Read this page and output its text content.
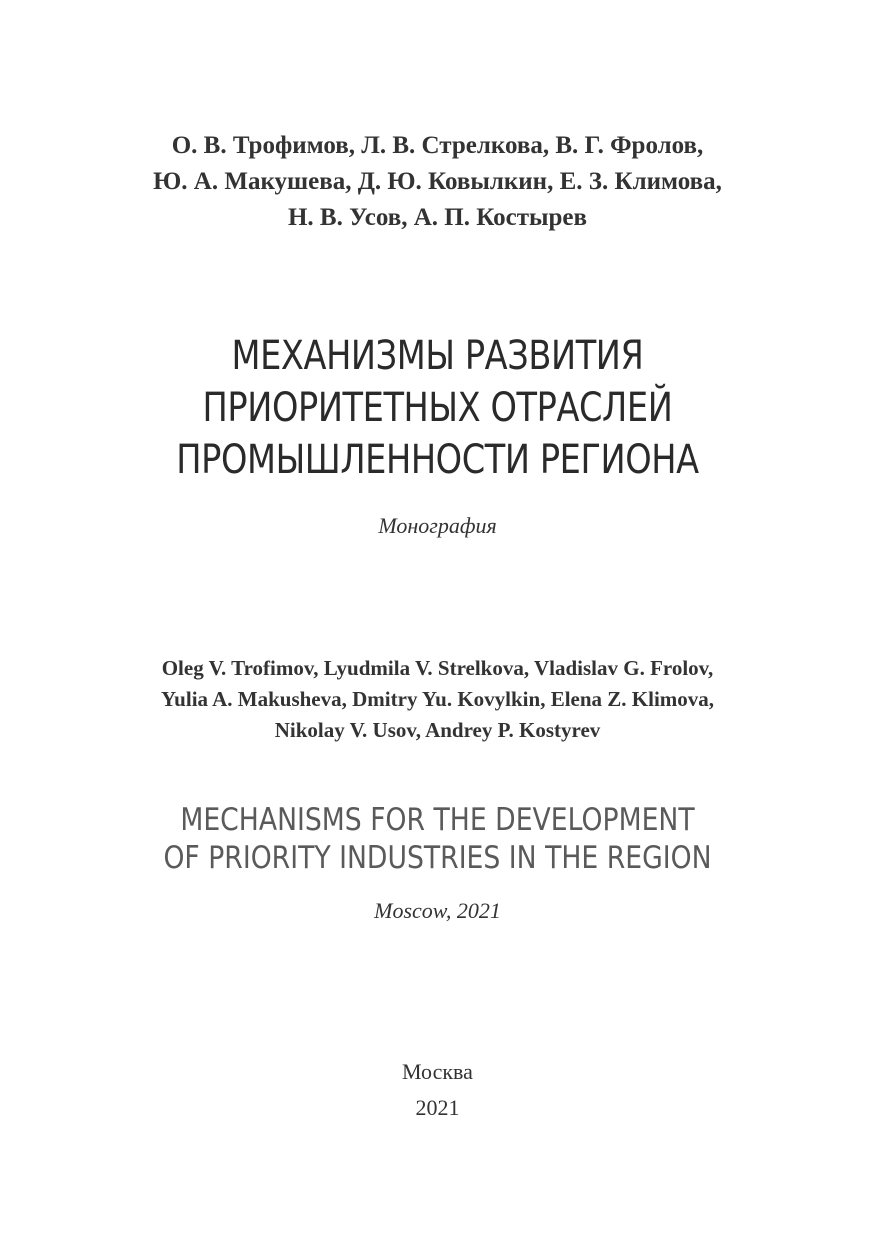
О. В. Трофимов, Л. В. Стрелкова, В. Г. Фролов,
Ю. А. Макушева, Д. Ю. Ковылкин, Е. З. Климова,
Н. В. Усов, А. П. Костырев
МЕХАНИЗМЫ РАЗВИТИЯ
ПРИОРИТЕТНЫХ ОТРАСЛЕЙ
ПРОМЫШЛЕННОСТИ РЕГИОНА
Монография
Oleg V. Trofimov, Lyudmila V. Strelkova, Vladislav G. Frolov,
Yulia A. Makusheva, Dmitry Yu. Kovylkin, Elena Z. Klimova,
Nikolay V. Usov, Andrey P. Kostyrev
MECHANISMS FOR THE DEVELOPMENT
OF PRIORITY INDUSTRIES IN THE REGION
Moscow, 2021
Москва
2021
